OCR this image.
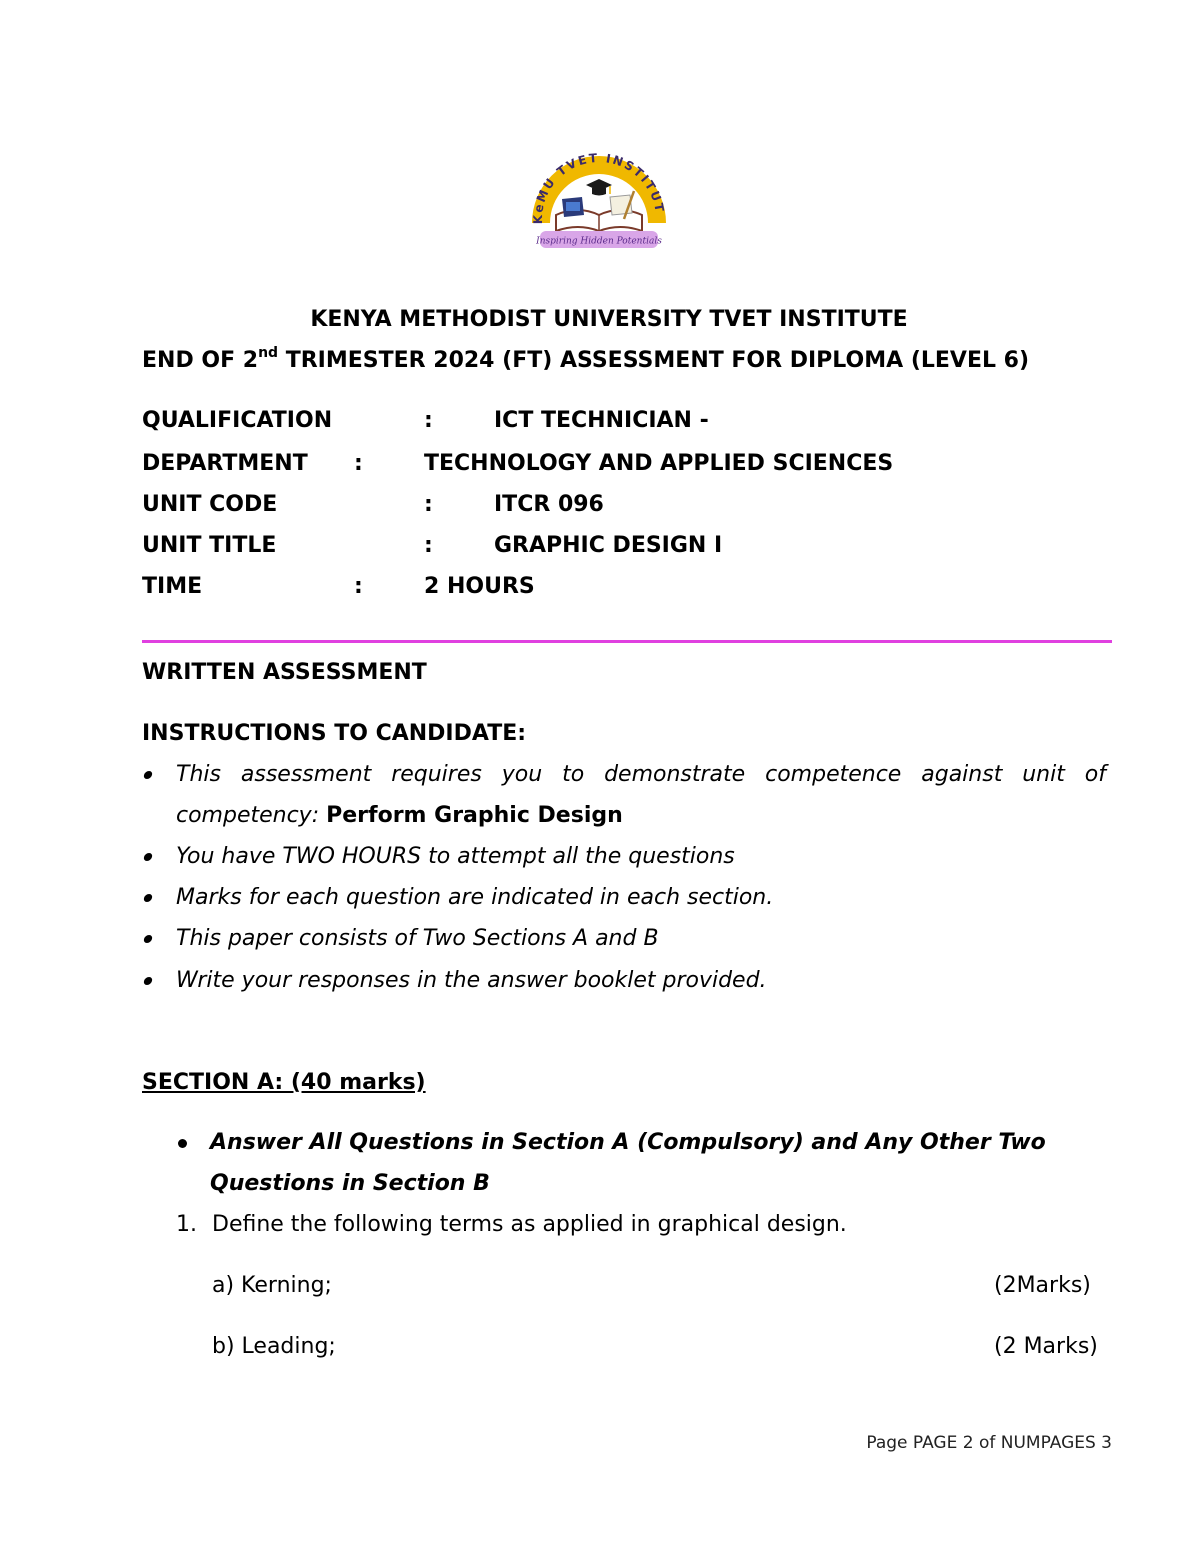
KeMU TVET INSTITUT
Inspiring Hidden Potentials
KENYA METHODIST UNIVERSITY TVET INSTITUTE
END OF 2nd TRIMESTER 2024 (FT) ASSESSMENT FOR DIPLOMA (LEVEL 6)
QUALIFICATION	:	ICT TECHNICIAN -
DEPARTMENT :	TECHNOLOGY AND APPLIED SCIENCES
UNIT CODE	:	ITCR 096
UNIT TITLE	:	GRAPHIC DESIGN I
TIME	:	2 HOURS
WRITTEN ASSESSMENT
INSTRUCTIONS TO CANDIDATE:
This assessment requires you to demonstrate competence against unit of
competency: Perform Graphic Design
You have TWO HOURS to attempt all the questions
Marks for each question are indicated in each section.
This paper consists of Two Sections A and B
Write your responses in the answer booklet provided.
SECTION A: (40 marks)
Answer All Questions in Section A (Compulsory) and Any Other Two
Questions in Section B
1. Define the following terms as applied in graphical design.
a) Kerning;	(2Marks)
b) Leading;	(2 Marks)
Page PAGE 2 of NUMPAGES 3
